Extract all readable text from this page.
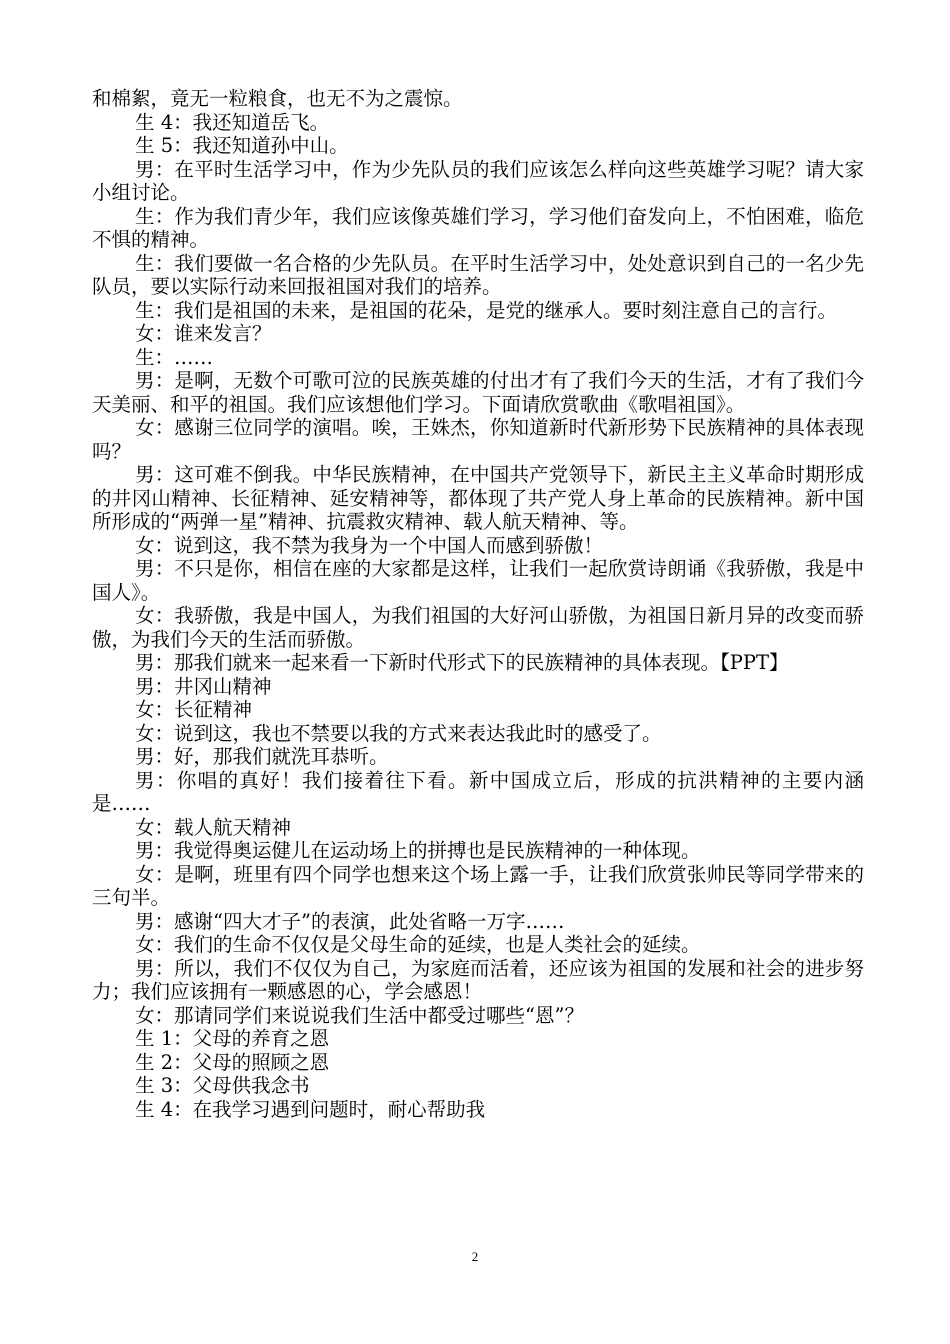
和棉絮，竟无一粒粮食，也无不为之震惊。

生 4：我还知道岳飞。

生 5：我还知道孙中山。

男：在平时生活学习中，作为少先队员的我们应该怎么样向这些英雄学习呢？请大家小组讨论。

生：作为我们青少年，我们应该像英雄们学习，学习他们奋发向上，不怕困难，临危不惧的精神。

生：我们要做一名合格的少先队员。在平时生活学习中，处处意识到自己的一名少先队员，要以实际行动来回报祖国对我们的培养。

生：我们是祖国的未来，是祖国的花朵，是党的继承人。要时刻注意自己的言行。

女：谁来发言？

生：……

男：是啊，无数个可歌可泣的民族英雄的付出才有了我们今天的生活，才有了我们今天美丽、和平的祖国。我们应该想他们学习。下面请欣赏歌曲《歌唱祖国》。

女：感谢三位同学的演唱。唉，王姝杰，你知道新时代新形势下民族精神的具体表现吗？

男：这可难不倒我。中华民族精神，在中国共产党领导下，新民主主义革命时期形成的井冈山精神、长征精神、延安精神等，都体现了共产党人身上革命的民族精神。新中国所形成的“两弹一星”精神、抗震救灾精神、载人航天精神、等。

女：说到这，我不禁为我身为一个中国人而感到骄傲！

男：不只是你，相信在座的大家都是这样，让我们一起欣赏诗朗诵《我骄傲，我是中国人》。

女：我骄傲，我是中国人，为我们祖国的大好河山骄傲，为祖国日新月异的改变而骄傲，为我们今天的生活而骄傲。

男：那我们就来一起来看一下新时代形式下的民族精神的具体表现。【PPT】

男：井冈山精神

女：长征精神

女：说到这，我也不禁要以我的方式来表达我此时的感受了。

男：好，那我们就洗耳恭听。

男：你唱的真好！我们接着往下看。新中国成立后，形成的抗洪精神的主要内涵是……

女：载人航天精神

男：我觉得奥运健儿在运动场上的拼搏也是民族精神的一种体现。

女：是啊，班里有四个同学也想来这个场上露一手，让我们欣赏张帅民等同学带来的三句半。

男：感谢“四大才子”的表演，此处省略一万字……

女：我们的生命不仅仅是父母生命的延续，也是人类社会的延续。

男：所以，我们不仅仅为自己，为家庭而活着，还应该为祖国的发展和社会的进步努力；我们应该拥有一颗感恩的心，学会感恩！

女：那请同学们来说说我们生活中都受过哪些“恩”？

生 1：父母的养育之恩

生 2：父母的照顾之恩

生 3：父母供我念书

生 4：在我学习遇到问题时，耐心帮助我

2
